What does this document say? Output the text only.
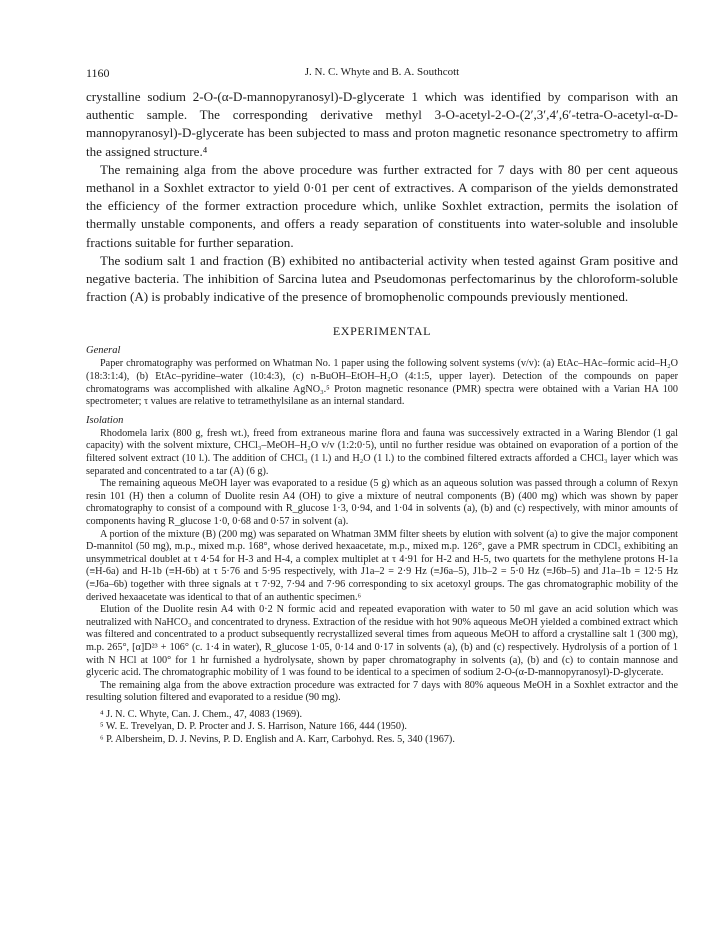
1160	J. N. C. Whyte and B. A. Southcott

crystalline sodium 2-O-(α-D-mannopyranosyl)-D-glycerate 1 which was identified by comparison with an authentic sample. The corresponding derivative methyl 3-O-acetyl-2-O-(2′,3′,4′,6′-tetra-O-acetyl-α-D-mannopyranosyl)-D-glycerate has been subjected to mass and proton magnetic resonance spectrometry to affirm the assigned structure.⁴

The remaining alga from the above procedure was further extracted for 7 days with 80 per cent aqueous methanol in a Soxhlet extractor to yield 0·01 per cent of extractives. A comparison of the yields demonstrated the efficiency of the former extraction procedure which, unlike Soxhlet extraction, permits the isolation of thermally unstable components, and offers a ready separation of constituents into water-soluble and insoluble fractions suitable for further separation.

The sodium salt 1 and fraction (B) exhibited no antibacterial activity when tested against Gram positive and negative bacteria. The inhibition of Sarcina lutea and Pseudomonas perfectomarinus by the chloroform-soluble fraction (A) is probably indicative of the presence of bromophenolic compounds previously mentioned.

EXPERIMENTAL
General

Paper chromatography was performed on Whatman No. 1 paper using the following solvent systems (v/v): (a) EtAc–HAc–formic acid–H₂O (18:3:1:4), (b) EtAc–pyridine–water (10:4:3), (c) n-BuOH–EtOH–H₂O (4:1:5, upper layer). Detection of the compounds on paper chromatograms was accomplished with alkaline AgNO₃.⁵ Proton magnetic resonance (PMR) spectra were obtained with a Varian HA 100 spectrometer; τ values are relative to tetramethylsilane as an internal standard.

Isolation

Rhodomela larix (800 g, fresh wt.), freed from extraneous marine flora and fauna was successively extracted in a Waring Blendor (1 gal capacity) with the solvent mixture, CHCl₃–MeOH–H₂O v/v (1:2:0·5), until no further residue was obtained on evaporation of a portion of the filtered solvent extract (10 l.). The addition of CHCl₃ (1 l.) and H₂O (1 l.) to the combined filtered extracts afforded a CHCl₃ layer which was separated and concentrated to a tar (A) (6 g).

The remaining aqueous MeOH layer was evaporated to a residue (5 g) which as an aqueous solution was passed through a column of Rexyn resin 101 (H) then a column of Duolite resin A4 (OH) to give a mixture of neutral components (B) (400 mg) which was shown by paper chromatography to consist of a compound with R_glucose 1·3, 0·94, and 1·04 in solvents (a), (b) and (c) respectively, with minor amounts of components having R_glucose 1·0, 0·68 and 0·57 in solvent (a).

A portion of the mixture (B) (200 mg) was separated on Whatman 3MM filter sheets by elution with solvent (a) to give the major component D-mannitol (50 mg), m.p., mixed m.p. 168°, whose derived hexaacetate, m.p., mixed m.p. 126°, gave a PMR spectrum in CDCl₃ exhibiting an unsymmetrical doublet at τ 4·54 for H-3 and H-4, a complex multiplet at τ 4·91 for H-2 and H-5, two quartets for the methylene protons H-1a (≡H-6a) and H-1b (≡H-6b) at τ 5·76 and 5·95 respectively, with J1a–2 = 2·9 Hz (≡J6a–5), J1b–2 = 5·0 Hz (≡J6b–5) and J1a–1b = 12·5 Hz (≡J6a–6b) together with three signals at τ 7·92, 7·94 and 7·96 corresponding to six acetoxyl groups. The gas chromatographic mobility of the derived hexaacetate was identical to that of an authentic specimen.⁶

Elution of the Duolite resin A4 with 0·2 N formic acid and repeated evaporation with water to 50 ml gave an acid solution which was neutralized with NaHCO₃ and concentrated to dryness. Extraction of the residue with hot 90% aqueous MeOH yielded a combined extract which was filtered and concentrated to a product subsequently recrystallized several times from aqueous MeOH to afford a crystalline salt 1 (300 mg), m.p. 265°, [α]D²³ + 106° (c. 1·4 in water), R_glucose 1·05, 0·14 and 0·17 in solvents (a), (b) and (c) respectively. Hydrolysis of a portion of 1 with N HCl at 100° for 1 hr furnished a hydrolysate, shown by paper chromatography in solvents (a), (b) and (c) to contain mannose and glyceric acid. The chromatographic mobility of 1 was found to be identical to a specimen of sodium 2-O-(α-D-mannopyranosyl)-D-glycerate.

The remaining alga from the above extraction procedure was extracted for 7 days with 80% aqueous MeOH in a Soxhlet extractor and the resulting solution filtered and evaporated to a residue (90 mg).

⁴ J. N. C. Whyte, Can. J. Chem., 47, 4083 (1969).

⁵ W. E. Trevelyan, D. P. Procter and J. S. Harrison, Nature 166, 444 (1950).

⁶ P. Albersheim, D. J. Nevins, P. D. English and A. Karr, Carbohyd. Res. 5, 340 (1967).
